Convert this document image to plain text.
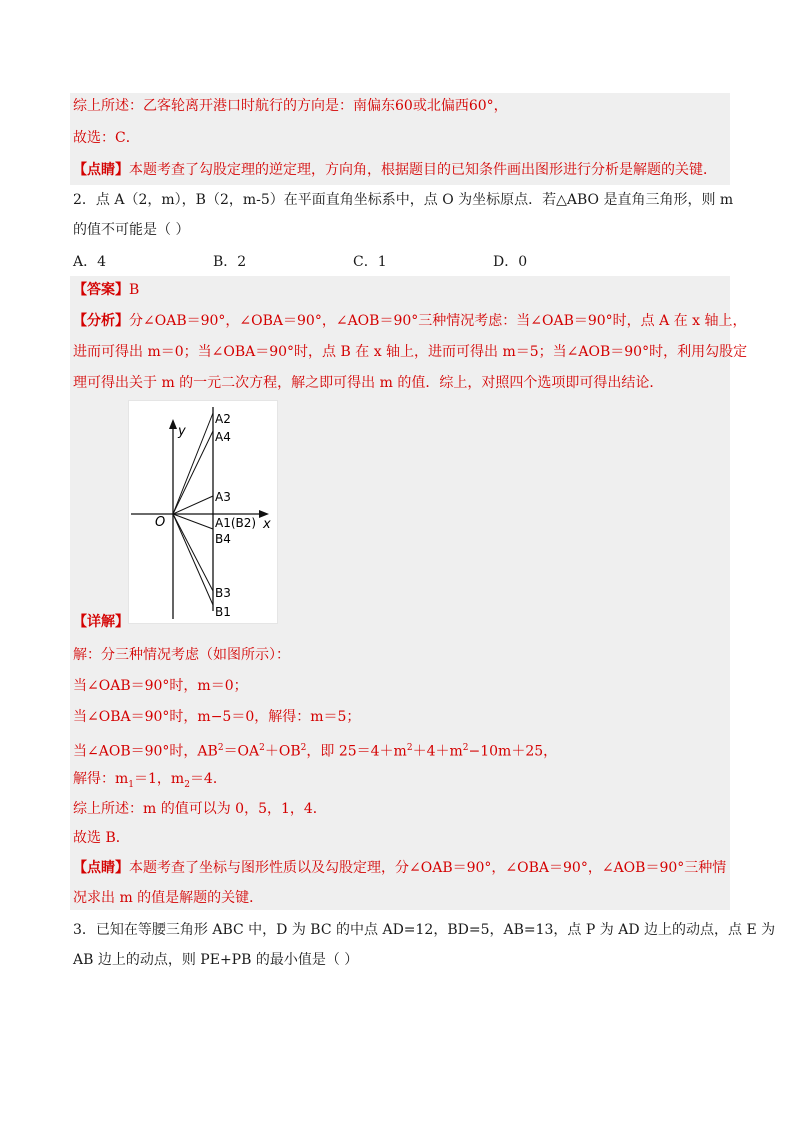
综上所述：乙客轮离开港口时航行的方向是：南偏东60或北偏西60°，
故选：C．
【点睛】本题考查了勾股定理的逆定理，方向角，根据题目的已知条件画出图形进行分析是解题的关键．
2．点 A（2，m），B（2，m-5）在平面直角坐标系中，点 O 为坐标原点．若△ABO 是直角三角形，则 m
的值不可能是（ ）
A．4	B．2	C．1	D．0
【答案】B
【分析】分∠OAB＝90°，∠OBA＝90°，∠AOB＝90°三种情况考虑：当∠OAB＝90°时，点 A 在 x 轴上，
进而可得出 m＝0；当∠OBA＝90°时，点 B 在 x 轴上，进而可得出 m＝5；当∠AOB＝90°时，利用勾股定
理可得出关于 m 的一元二次方程，解之即可得出 m 的值．综上，对照四个选项即可得出结论．
y
x
O
A2
A4
A3
A1(B2)
B4
B3
B1
【详解】
解：分三种情况考虑（如图所示）：
当∠OAB＝90°时，m＝0；
当∠OBA＝90°时，m−5＝0，解得：m＝5；
当∠AOB＝90°时，$AB^2=OA^2+OB^2$，即 $25=4+m^2+4+m^2-10m+25$，
解得：$m_1=1$，$m_2=4$．
综上所述：m 的值可以为 0，5，1，4．
故选 B．
【点睛】本题考查了坐标与图形性质以及勾股定理，分∠OAB＝90°，∠OBA＝90°，∠AOB＝90°三种情
况求出 m 的值是解题的关键．
3．已知在等腰三角形 ABC 中，D 为 BC 的中点 AD=12，BD=5，AB=13，点 P 为 AD 边上的动点，点 E 为
AB 边上的动点，则 PE+PB 的最小值是（ ）
